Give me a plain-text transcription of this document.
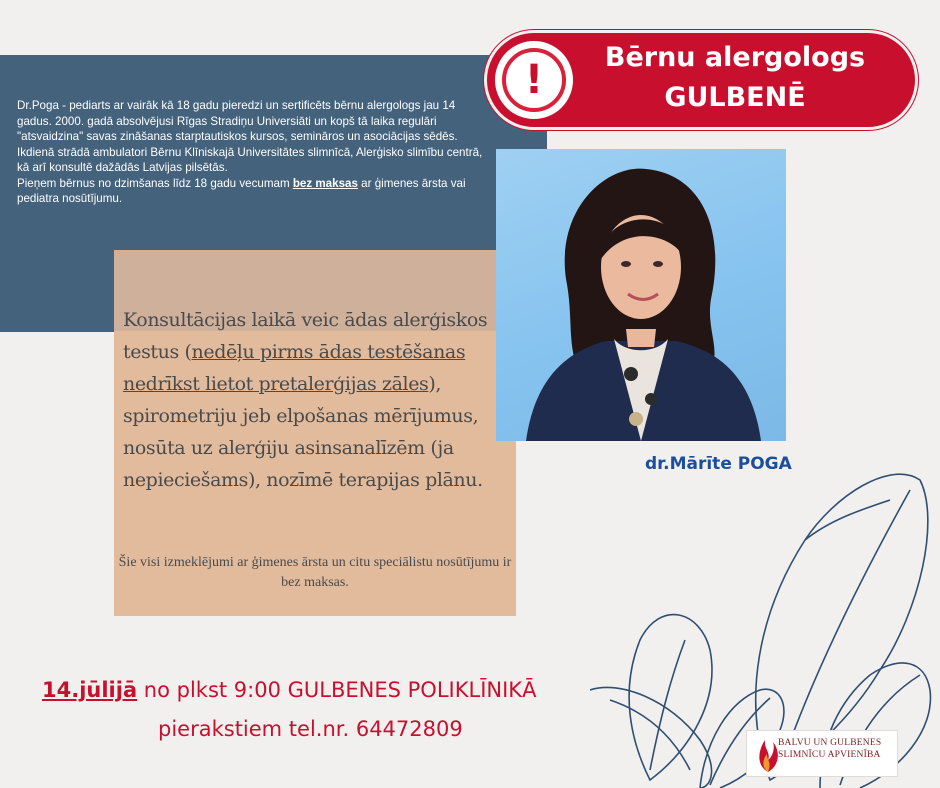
Dr.Poga - pediarts ar vairāk kā 18 gadu pieredzi un sertificēts bērnu alergologs jau 14 gadus. 2000. gadā absolvējusi Rīgas Stradiņu Universiāti un kopš tā laika regulāri "atsvaidzina" savas zināšanas starptautiskos kursos, semināros un asociācijas sēdēs.

Ikdienā strādā ambulatori Bērnu Klīniskajā Universitātes slimnīcā, Alerģisko slimību centrā, kā arī konsultē dažādās Latvijas pilsētās.

Pieņem bērnus no dzimšanas līdz 18 gadu vecumam bez maksas ar ģimenes ārsta vai pediatra nosūtījumu.

Konsultācijas laikā veic ādas alerģiskos testus (nedēļu pirms ādas testēšanas nedrīkst lietot pretalerģijas zāles), spirometriju jeb elpošanas mērījumus, nosūta uz alerģiju asinsanalīzēm (ja nepieciešams), nozīmē terapijas plānu.
Šie visi izmeklējumi ar ģimenes ārsta un citu speciālistu nosūtījumu ir bez maksas.
!	Bērnu alergologs
GULBENĒ
dr.Mārīte POGA
14.jūlijā no plkst 9:00 GULBENES POLIKLĪNIKĀ
pierakstiem tel.nr. 64472809
BALVU UN GULBENES
SLIMNĪCU APVIENĪBA
